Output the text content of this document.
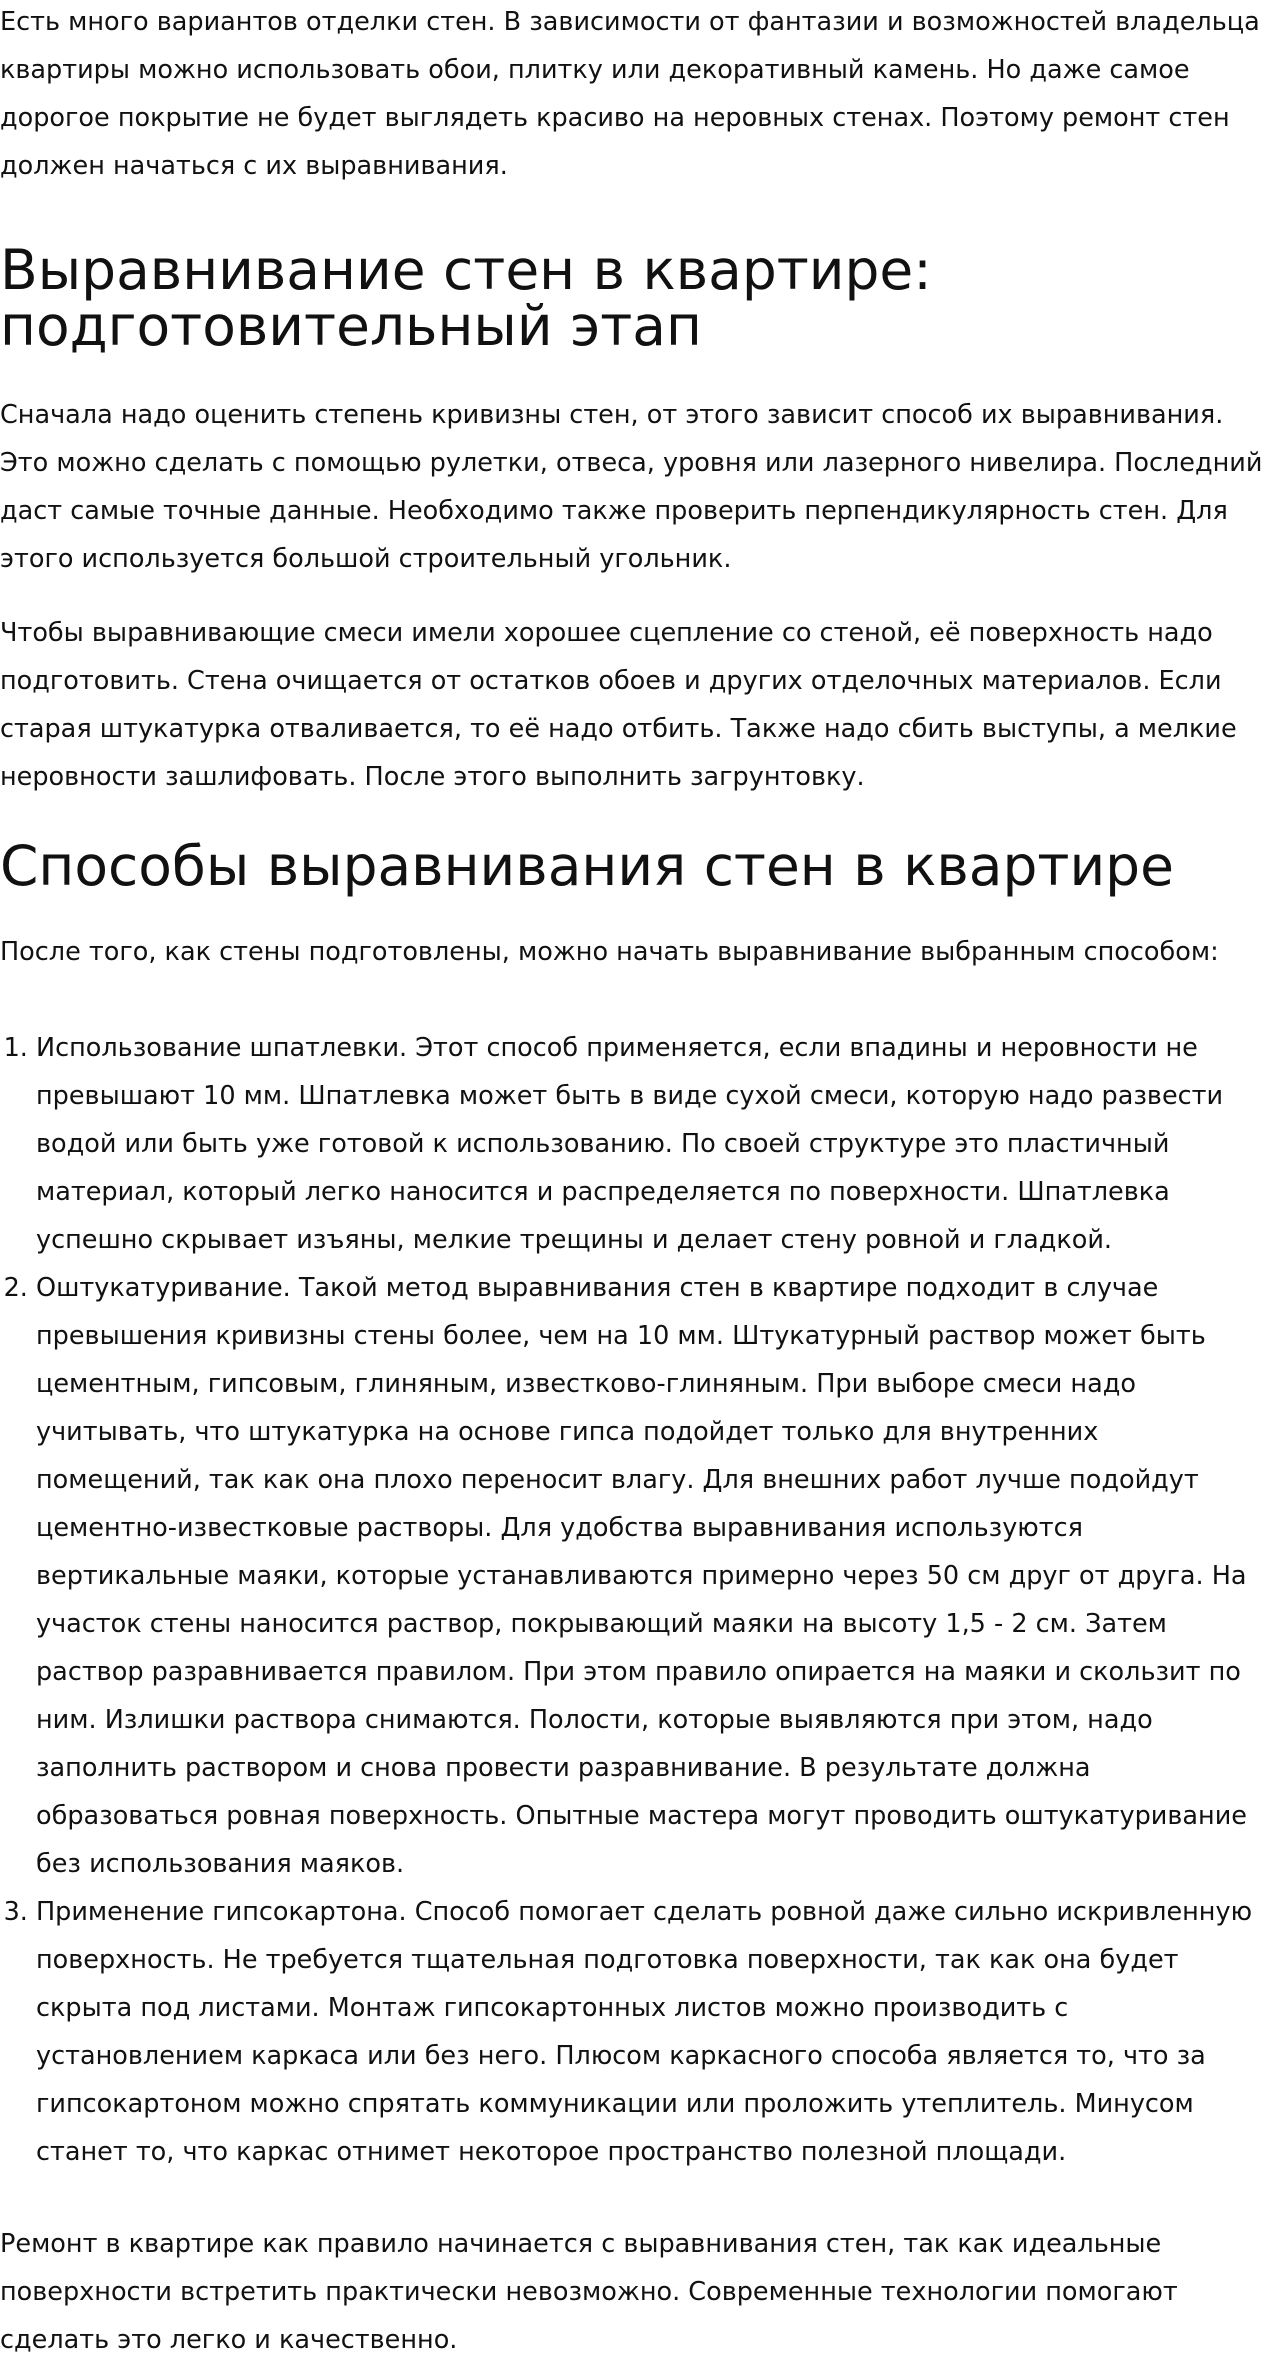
Есть много вариантов отделки стен. В зависимости от фантазии и возможностей владельца квартиры можно использовать обои, плитку или декоративный камень. Но даже самое дорогое покрытие не будет выглядеть красиво на неровных стенах. Поэтому ремонт стен должен начаться с их выравнивания.

Выравнивание стен в квартире: подготовительный этап

Сначала надо оценить степень кривизны стен, от этого зависит способ их выравнивания. Это можно сделать с помощью рулетки, отвеса, уровня или лазерного нивелира. Последний даст самые точные данные. Необходимо также проверить перпендикулярность стен. Для этого используется большой строительный угольник.

Чтобы выравнивающие смеси имели хорошее сцепление со стеной, её поверхность надо подготовить. Стена очищается от остатков обоев и других отделочных материалов. Если старая штукатурка отваливается, то её надо отбить. Также надо сбить выступы, а мелкие неровности зашлифовать. После этого выполнить загрунтовку.

Способы выравнивания стен в квартире

После того, как стены подготовлены, можно начать выравнивание выбранным способом:

1. Использование шпатлевки. Этот способ применяется, если впадины и неровности не превышают 10 мм. Шпатлевка может быть в виде сухой смеси, которую надо развести водой или быть уже готовой к использованию. По своей структуре это пластичный материал, который легко наносится и распределяется по поверхности. Шпатлевка успешно скрывает изъяны, мелкие трещины и делает стену ровной и гладкой.
2. Оштукатуривание. Такой метод выравнивания стен в квартире подходит в случае превышения кривизны стены более, чем на 10 мм. Штукатурный раствор может быть цементным, гипсовым, глиняным, известково-глиняным. При выборе смеси надо учитывать, что штукатурка на основе гипса подойдет только для внутренних помещений, так как она плохо переносит влагу. Для внешних работ лучше подойдут цементно-известковые растворы. Для удобства выравнивания используются вертикальные маяки, которые устанавливаются примерно через 50 см друг от друга. На участок стены наносится раствор, покрывающий маяки на высоту 1,5 - 2 см. Затем раствор разравнивается правилом. При этом правило опирается на маяки и скользит по ним. Излишки раствора снимаются. Полости, которые выявляются при этом, надо заполнить раствором и снова провести разравнивание. В результате должна образоваться ровная поверхность. Опытные мастера могут проводить оштукатуривание без использования маяков.
3. Применение гипсокартона. Способ помогает сделать ровной даже сильно искривленную поверхность. Не требуется тщательная подготовка поверхности, так как она будет скрыта под листами. Монтаж гипсокартонных листов можно производить с установлением каркаса или без него. Плюсом каркасного способа является то, что за гипсокартоном можно спрятать коммуникации или проложить утеплитель. Минусом станет то, что каркас отнимет некоторое пространство полезной площади.

Ремонт в квартире как правило начинается с выравнивания стен, так как идеальные поверхности встретить практически невозможно. Современные технологии помогают сделать это легко и качественно.
